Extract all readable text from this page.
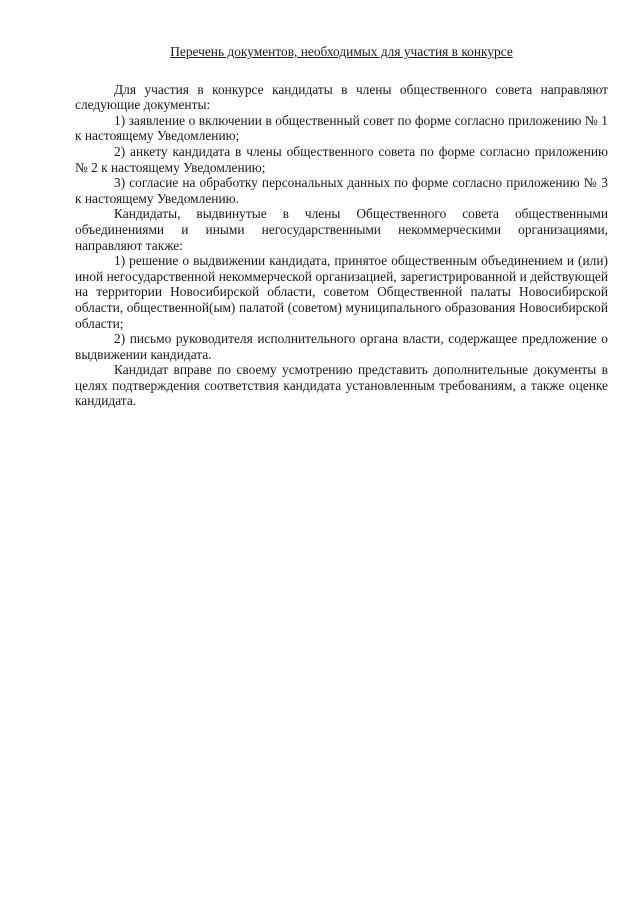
Перечень документов, необходимых для участия в конкурсе

Для участия в конкурсе кандидаты в члены общественного совета направляют следующие документы:

1) заявление о включении в общественный совет по форме согласно приложению № 1 к настоящему Уведомлению;

2) анкету кандидата в члены общественного совета по форме согласно приложению № 2 к настоящему Уведомлению;

3) согласие на обработку персональных данных по форме согласно приложению № 3 к настоящему Уведомлению.

Кандидаты, выдвинутые в члены Общественного совета общественными объединениями и иными негосударственными некоммерческими организациями, направляют также:

1) решение о выдвижении кандидата, принятое общественным объединением и (или) иной негосударственной некоммерческой организацией, зарегистрированной и действующей на территории Новосибирской области, советом Общественной палаты Новосибирской области, общественной(ым) палатой (советом) муниципального образования Новосибирской области;

2) письмо руководителя исполнительного органа власти, содержащее предложение о выдвижении кандидата.

Кандидат вправе по своему усмотрению представить дополнительные документы в целях подтверждения соответствия кандидата установленным требованиям, а также оценке кандидата.
